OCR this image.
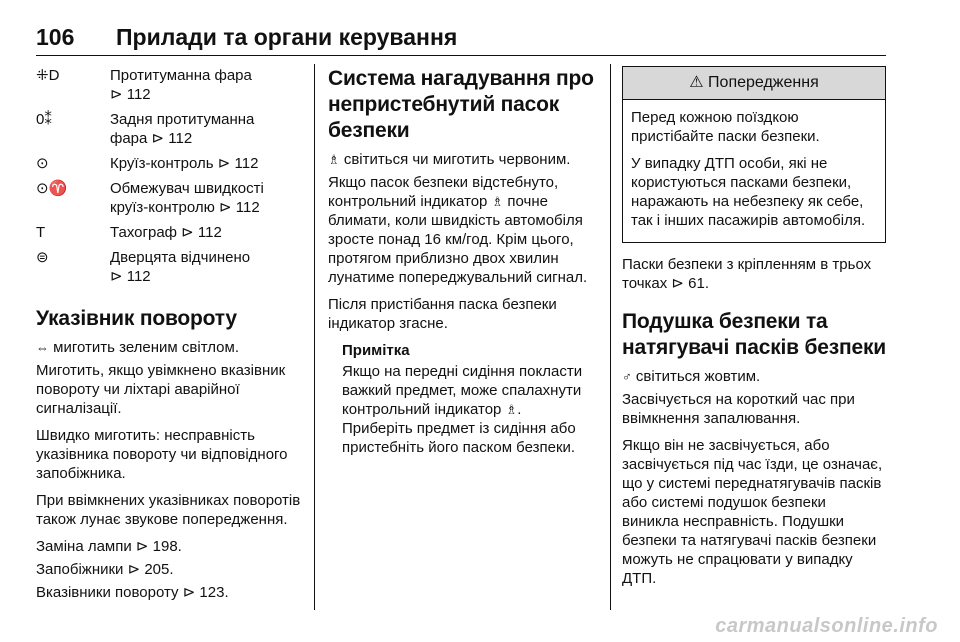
106 Прилади та органи керування
⁜D	Протитуманна фара
⊳ 112
0⁑	Задня протитуманна
фара ⊳ 112
⊙	Круїз-контроль ⊳ 112
⊙♈	Обмежувач швидкості
круїз-контролю ⊳ 112
T	Тахограф ⊳ 112
⊜	Дверцята відчинено
⊳ 112
Указівник повороту

⇔ миготить зеленим світлом.

Миготить, якщо увімкнено вказівник повороту чи ліхтарі аварійної сигналізації.

Швидко миготить: несправність указівника повороту чи відповідного запобіжника.

При ввімкнених указівниках поворотів також лунає звукове попередження.

Заміна лампи ⊳ 198.

Запобіжники ⊳ 205.

Вказівники повороту ⊳ 123.

Система нагадування про непристебнутий пасок безпеки

♗ світиться чи миготить червоним.

Якщо пасок безпеки відстебнуто, контрольний індикатор ♗ почне блимати, коли швидкість автомобіля зросте понад 16 км/год. Крім цього, протягом приблизно двох хвилин лунатиме попереджувальний сигнал.

Після пристібання паска безпеки індикатор згасне.

Примітка
Якщо на передні сидіння покласти важкий предмет, може спалахнути контрольний індикатор ♗.
Приберіть предмет із сидіння або пристебніть його паском безпеки.
⚠ Попередження

Перед кожною поїздкою пристібайте паски безпеки.

У випадку ДТП особи, які не користуються пасками безпеки, наражають на небезпеку як себе, так і інших пасажирів автомобіля.

Паски безпеки з кріпленням в трьох точках ⊳ 61.

Подушка безпеки та натягувачі пасків безпеки

♂ світиться жовтим.

Засвічується на короткий час при ввімкнення запалювання.

Якщо він не засвічується, або засвічується під час їзди, це означає, що у системі переднатягувачів пасків або системі подушок безпеки виникла несправність. Подушки безпеки та натягувачі пасків безпеки можуть не спрацювати у випадку ДТП.

carmanualsonline.info
